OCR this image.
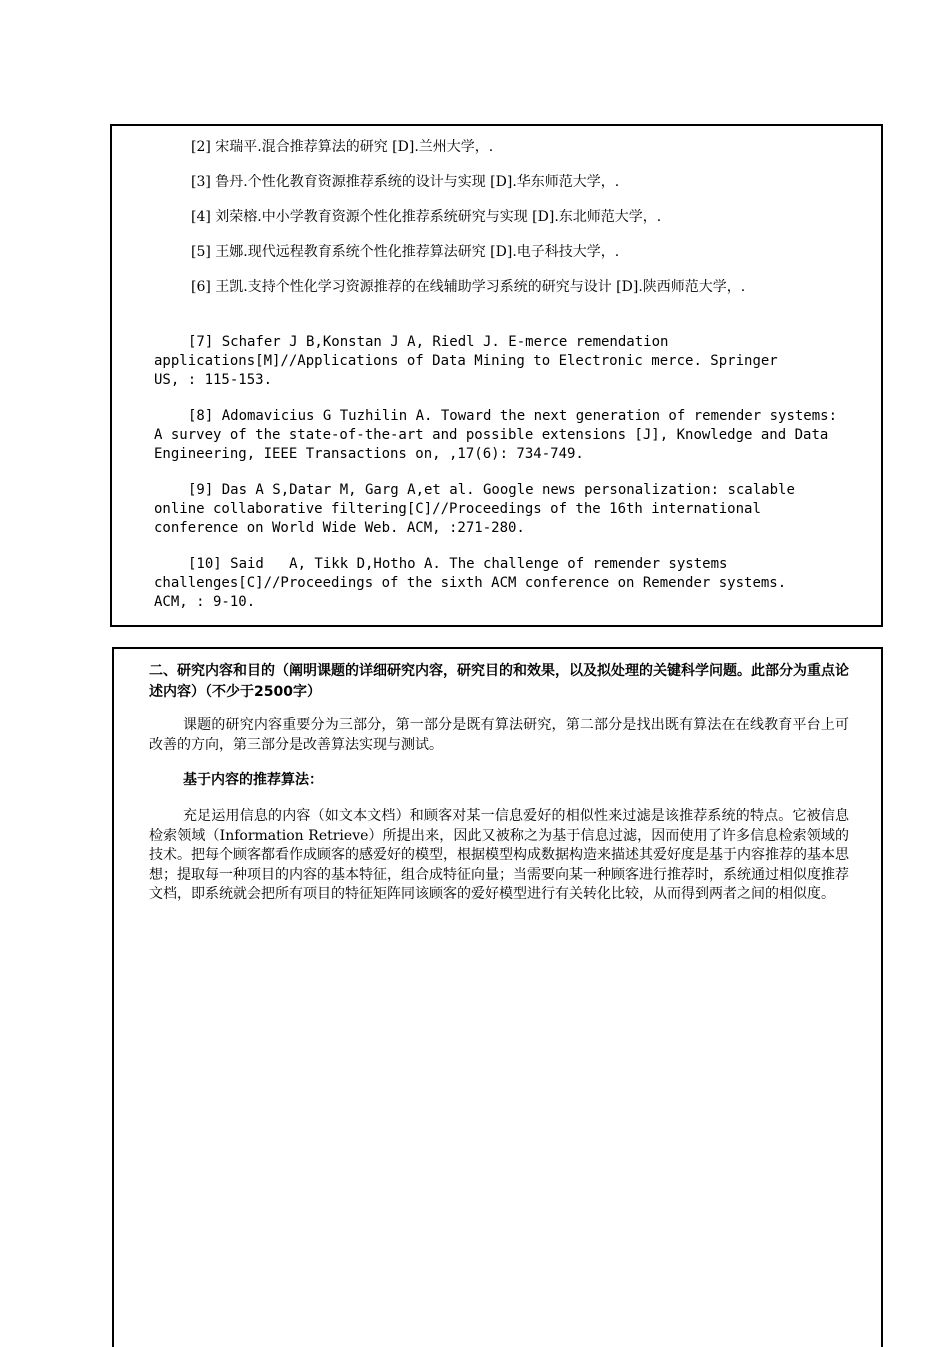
[2] 宋瑞平.混合推荐算法的研究 [D].兰州大学，.
[3] 鲁丹.个性化教育资源推荐系统的设计与实现 [D].华东师范大学，.
[4] 刘荣榕.中小学教育资源个性化推荐系统研究与实现 [D].东北师范大学，.
[5] 王娜.现代远程教育系统个性化推荐算法研究 [D].电子科技大学，.
[6] 王凯.支持个性化学习资源推荐的在线辅助学习系统的研究与设计 [D].陕西师范大学，.
[7] Schafer J B,Konstan J A, Riedl J. E-merce remendation applications[M]//Applications of Data Mining to Electronic merce. Springer US, : 115-153.
[8] Adomavicius G Tuzhilin A. Toward the next generation of remender systems: A survey of the state-of-the-art and possible extensions [J], Knowledge and Data Engineering, IEEE Transactions on, ,17(6): 734-749.
[9] Das A S,Datar M, Garg A,et al. Google news personalization: scalable online collaborative filtering[C]//Proceedings of the 16th international conference on World Wide Web. ACM, :271-280.
[10] Said   A, Tikk D,Hotho A. The challenge of remender systems challenges[C]//Proceedings of the sixth ACM conference on Remender systems. ACM, : 9-10.
二、研究内容和目的（阐明课题的详细研究内容，研究目的和效果，以及拟处理的关键科学问题。此部分为重点论述内容）（不少于2500字）
课题的研究内容重要分为三部分，第一部分是既有算法研究，第二部分是找出既有算法在在线教育平台上可改善的方向，第三部分是改善算法实现与测试。
基于内容的推荐算法：
充足运用信息的内容（如文本文档）和顾客对某一信息爱好的相似性来过滤是该推荐系统的特点。它被信息检索领域（Information Retrieve）所提出来，因此又被称之为基于信息过滤，因而使用了许多信息检索领域的技术。把每个顾客都看作成顾客的感爱好的模型，根据模型构成数据构造来描述其爱好度是基于内容推荐的基本思想；提取每一种项目的内容的基本特征，组合成特征向量；当需要向某一种顾客进行推荐时，系统通过相似度推荐文档，即系统就会把所有项目的特征矩阵同该顾客的爱好模型进行有关转化比较，从而得到两者之间的相似度。
